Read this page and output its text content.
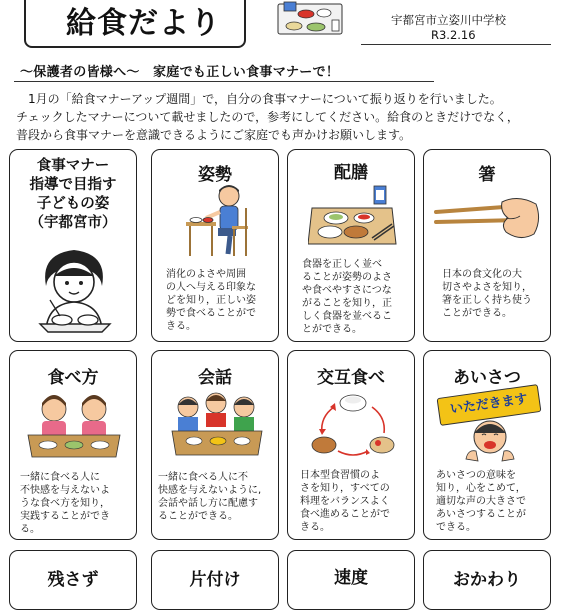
給食だより	宇都宮市立姿川中学校
R3.2.16
～保護者の皆様へ～　家庭でも正しい食事マナーで！

　1月の「給食マナーアップ週間」で，自分の食事マナーについて振り返りを行いました。

チェックしたマナーについて載せましたので，参考にしてください。給食のときだけでなく，

普段から食事マナーを意識できるようにご家庭でも声かけお願いします。

食事マナー
指導で目指す
子どもの姿
（宇都宮市）
姿勢
消化のよさや周囲
の人へ与える印象な
どを知り，正しい姿
勢で食べることがで
きる。
配膳
食器を正しく並べ
ることが姿勢のよさ
や食べやすさにつな
がることを知り，正
しく食器を並べるこ
とができる。
箸
日本の食文化の大
切さやよさを知り，
箸を正しく持ち使う
ことができる。
食べ方
一緒に食べる人に
不快感を与えないよ
うな食べ方を知り，
実践することができ
る。
会話
一緒に食べる人に不
快感を与えないように,
会話や話し方に配慮す
ることができる。
交互食べ
日本型食習慣のよ
さを知り，すべての
料理をバランスよく
食べ進めることがで
きる。
あいさつ
いただきます
あいさつの意味を
知り，心をこめて，
適切な声の大きさで
あいさつすることが
できる。
残さず	片付け	速度	おかわり
